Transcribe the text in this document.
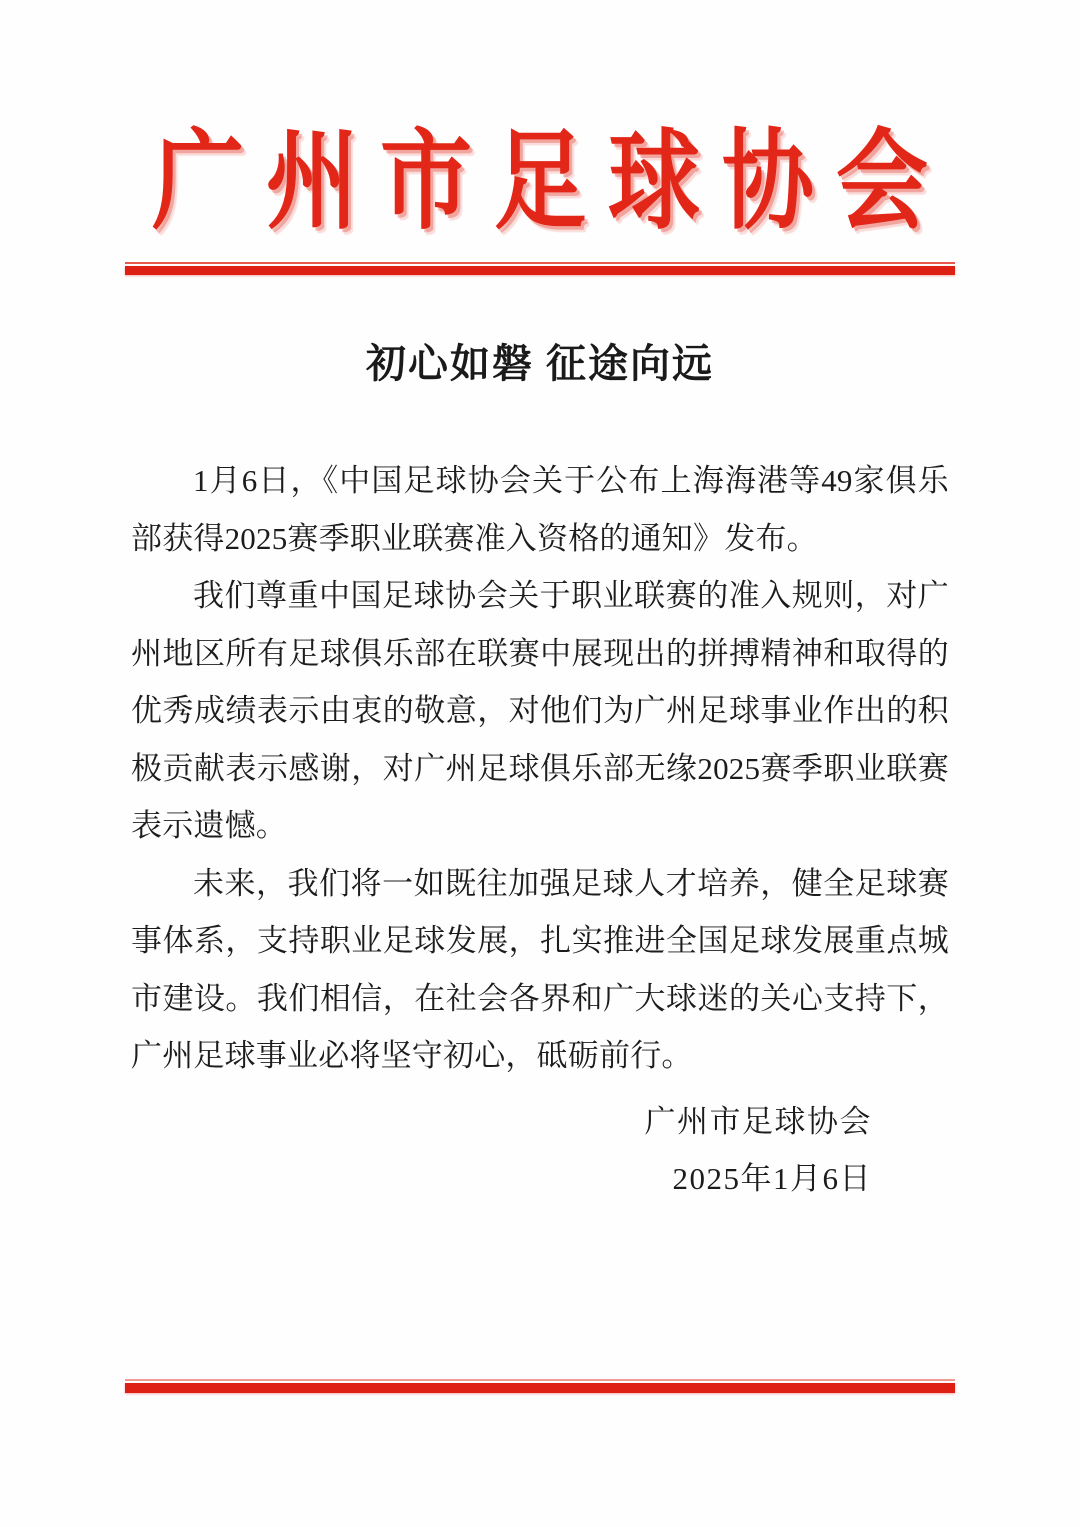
广州市足球协会
初心如磐 征途向远

1月6日，《中国足球协会关于公布上海海港等49家俱乐部获得2025赛季职业联赛准入资格的通知》发布。

我们尊重中国足球协会关于职业联赛的准入规则，对广州地区所有足球俱乐部在联赛中展现出的拼搏精神和取得的优秀成绩表示由衷的敬意，对他们为广州足球事业作出的积极贡献表示感谢，对广州足球俱乐部无缘2025赛季职业联赛表示遗憾。

未来，我们将一如既往加强足球人才培养，健全足球赛事体系，支持职业足球发展，扎实推进全国足球发展重点城市建设。我们相信，在社会各界和广大球迷的关心支持下，广州足球事业必将坚守初心，砥砺前行。

广州市足球协会
2025年1月6日
